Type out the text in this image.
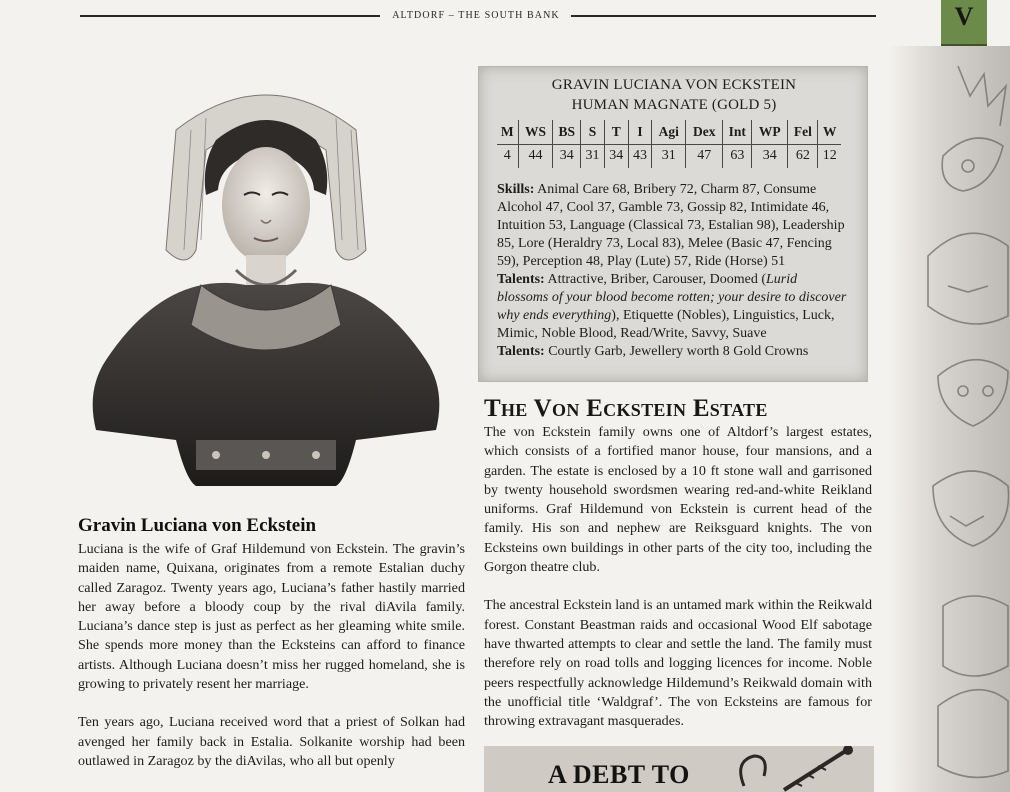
ALTDORF – THE SOUTH BANK	V
GRAVIN LUCIANA VON ECKSTEIN
HUMAN MAGNATE (GOLD 5)
M	WS	BS	S	T	I	Agi	Dex	Int	WP	Fel	W
4	44	34	31	34	43	31	47	63	34	62	12
Skills: Animal Care 68, Bribery 72, Charm 87, Consume Alcohol 47, Cool 37, Gamble 73, Gossip 82, Intimidate 46, Intuition 53, Language (Classical 73, Estalian 98), Leadership 85, Lore (Heraldry 73, Local 83), Melee (Basic 47, Fencing 59), Perception 48, Play (Lute) 57, Ride (Horse) 51
Talents: Attractive, Briber, Carouser, Doomed (Lurid blossoms of your blood become rotten; your desire to discover why ends everything), Etiquette (Nobles), Linguistics, Luck, Mimic, Noble Blood, Read/Write, Savvy, Suave
Talents: Courtly Garb, Jewellery worth 8 Gold Crowns
The Von Eckstein Estate

The von Eckstein family owns one of Altdorf’s largest estates, which consists of a fortified manor house, four mansions, and a garden. The estate is enclosed by a 10 ft stone wall and garrisoned by twenty household swordsmen wearing red-and-white Reikland uniforms. Graf Hildemund von Eckstein is current head of the family. His son and nephew are Reiksguard knights. The von Ecksteins own buildings in other parts of the city too, including the Gorgon theatre club.

The ancestral Eckstein land is an untamed mark within the Reikwald forest. Constant Beastman raids and occasional Wood Elf sabotage have thwarted attempts to clear and settle the land. The family must therefore rely on road tolls and logging licences for income. Noble peers respectfully acknowledge Hildemund’s Reikwald domain with the unofficial title ‘Waldgraf’. The von Ecksteins are famous for throwing extravagant masquerades.

Gravin Luciana von Eckstein

Luciana is the wife of Graf Hildemund von Eckstein. The gravin’s maiden name, Quixana, originates from a remote Estalian duchy called Zaragoz. Twenty years ago, Luciana’s father hastily married her away before a bloody coup by the rival diAvila family. Luciana’s dance step is just as perfect as her gleaming white smile. She spends more money than the Ecksteins can afford to finance artists. Although Luciana doesn’t miss her rugged homeland, she is growing to privately resent her marriage.

Ten years ago, Luciana received word that a priest of Solkan had avenged her family back in Estalia. Solkanite worship had been outlawed in Zaragoz by the diAvilas, who all but openly	A DEBT TO
